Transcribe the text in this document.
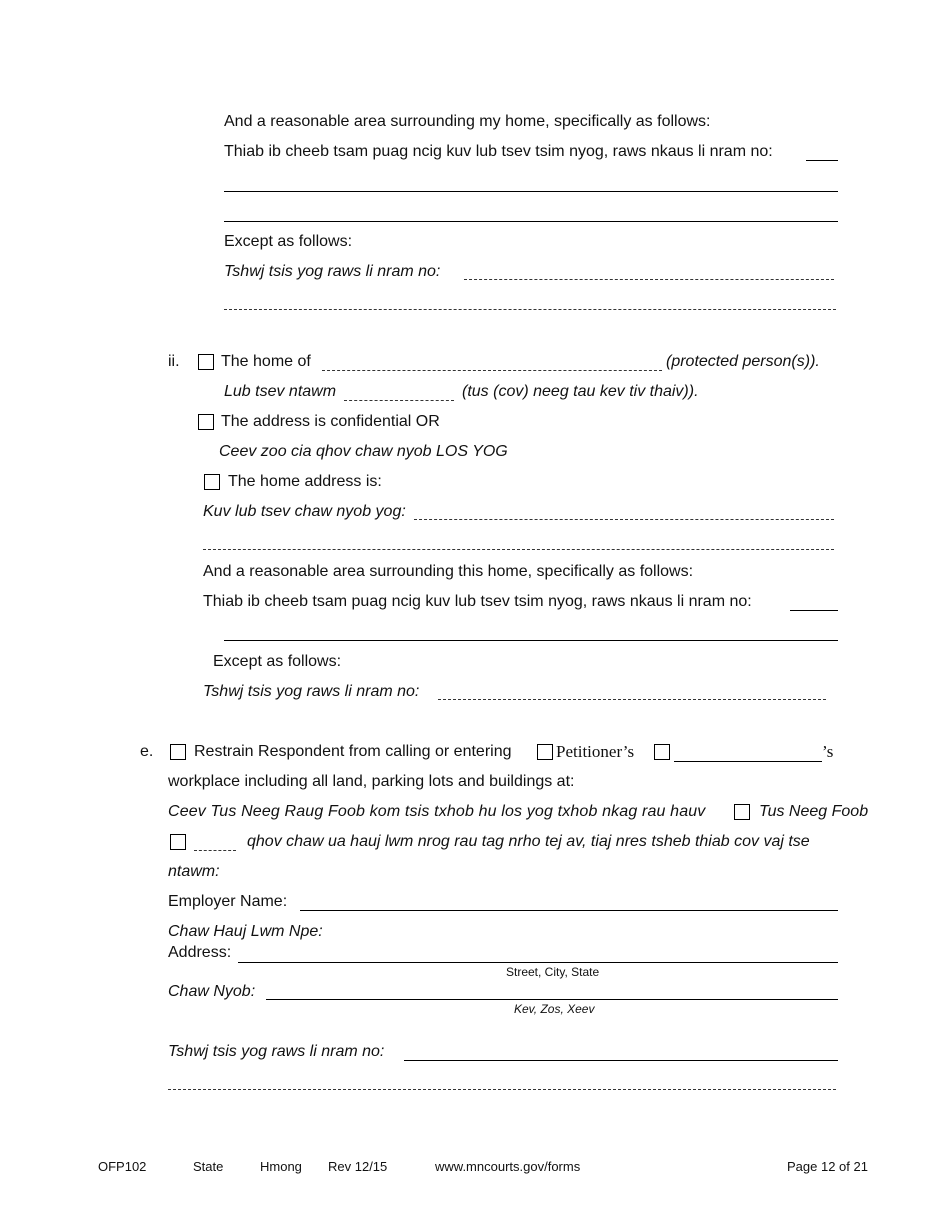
And a reasonable area surrounding my home, specifically as follows:
Thiab ib cheeb tsam puag ncig kuv lub tsev tsim nyog, raws nkaus li nram no:
Except as follows:
Tshwj tsis yog raws li nram no:
ii.	The home of	(protected person(s)).
Lub tsev ntawm	(tus (cov) neeg tau kev tiv thaiv)).
The address is confidential OR
Ceev zoo cia qhov chaw nyob LOS YOG
The home address is:
Kuv lub tsev chaw nyob yog:
And a reasonable area surrounding this home, specifically as follows:
Thiab ib cheeb tsam puag ncig kuv lub tsev tsim nyog, raws nkaus li nram no:
Except as follows:
Tshwj tsis yog raws li nram no:
e.	Restrain Respondent from calling or entering	Petitioner’s	’s
workplace including all land, parking lots and buildings at:
Ceev Tus Neeg Raug Foob kom tsis txhob hu los yog txhob nkag rau hauv	Tus Neeg Foob
qhov chaw ua hauj lwm nrog rau tag nrho tej av, tiaj nres tsheb thiab cov vaj tse
ntawm:
Employer Name:
Chaw Hauj Lwm Npe:
Address:
Street, City, State
Chaw Nyob:
Kev, Zos, Xeev
Tshwj tsis yog raws li nram no:
OFP102	State	Hmong Rev 12/15	www.mncourts.gov/forms	Page 12 of 21
